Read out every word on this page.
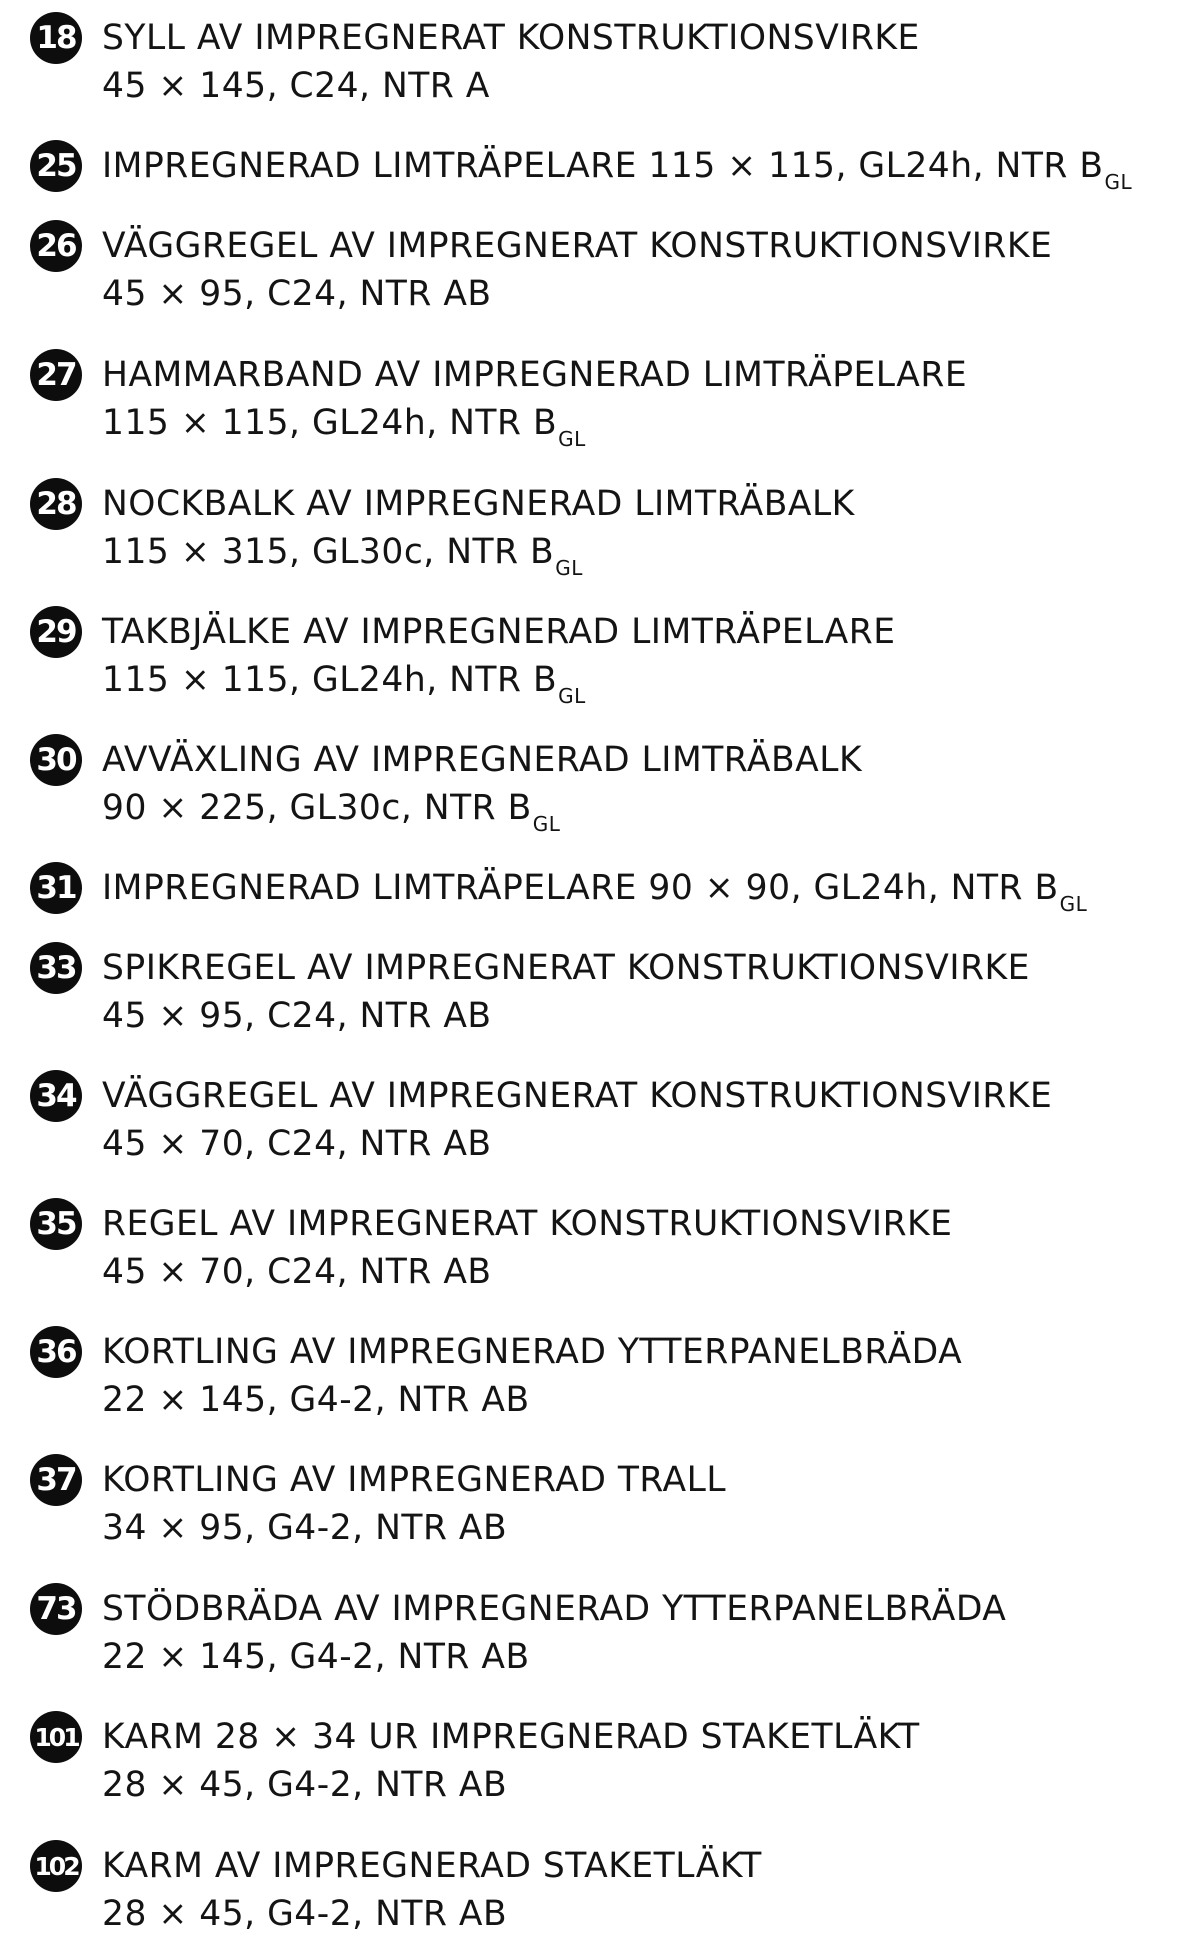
18 SYLL AV IMPREGNERAT KONSTRUKTIONSVIRKE
45 × 145, C24, NTR A
25 IMPREGNERAD LIMTRÄPELARE 115 × 115, GL24h, NTR $B_{GL}$
26 VÄGGREGEL AV IMPREGNERAT KONSTRUKTIONSVIRKE
45 × 95, C24, NTR AB
27 HAMMARBAND AV IMPREGNERAD LIMTRÄPELARE
115 × 115, GL24h, NTR $B_{GL}$
28 NOCKBALK AV IMPREGNERAD LIMTRÄBALK
115 × 315, GL30c, NTR $B_{GL}$
29 TAKBJÄLKE AV IMPREGNERAD LIMTRÄPELARE
115 × 115, GL24h, NTR $B_{GL}$
30 AVVÄXLING AV IMPREGNERAD LIMTRÄBALK
90 × 225, GL30c, NTR $B_{GL}$
31 IMPREGNERAD LIMTRÄPELARE 90 × 90, GL24h, NTR $B_{GL}$
33 SPIKREGEL AV IMPREGNERAT KONSTRUKTIONSVIRKE
45 × 95, C24, NTR AB
34 VÄGGREGEL AV IMPREGNERAT KONSTRUKTIONSVIRKE
45 × 70, C24, NTR AB
35 REGEL AV IMPREGNERAT KONSTRUKTIONSVIRKE
45 × 70, C24, NTR AB
36 KORTLING AV IMPREGNERAD YTTERPANELBRÄDA
22 × 145, G4-2, NTR AB
37 KORTLING AV IMPREGNERAD TRALL
34 × 95, G4-2, NTR AB
73 STÖDBRÄDA AV IMPREGNERAD YTTERPANELBRÄDA
22 × 145, G4-2, NTR AB
101 KARM 28 × 34 UR IMPREGNERAD STAKETLÄKT
28 × 45, G4-2, NTR AB
102 KARM AV IMPREGNERAD STAKETLÄKT
28 × 45, G4-2, NTR AB
